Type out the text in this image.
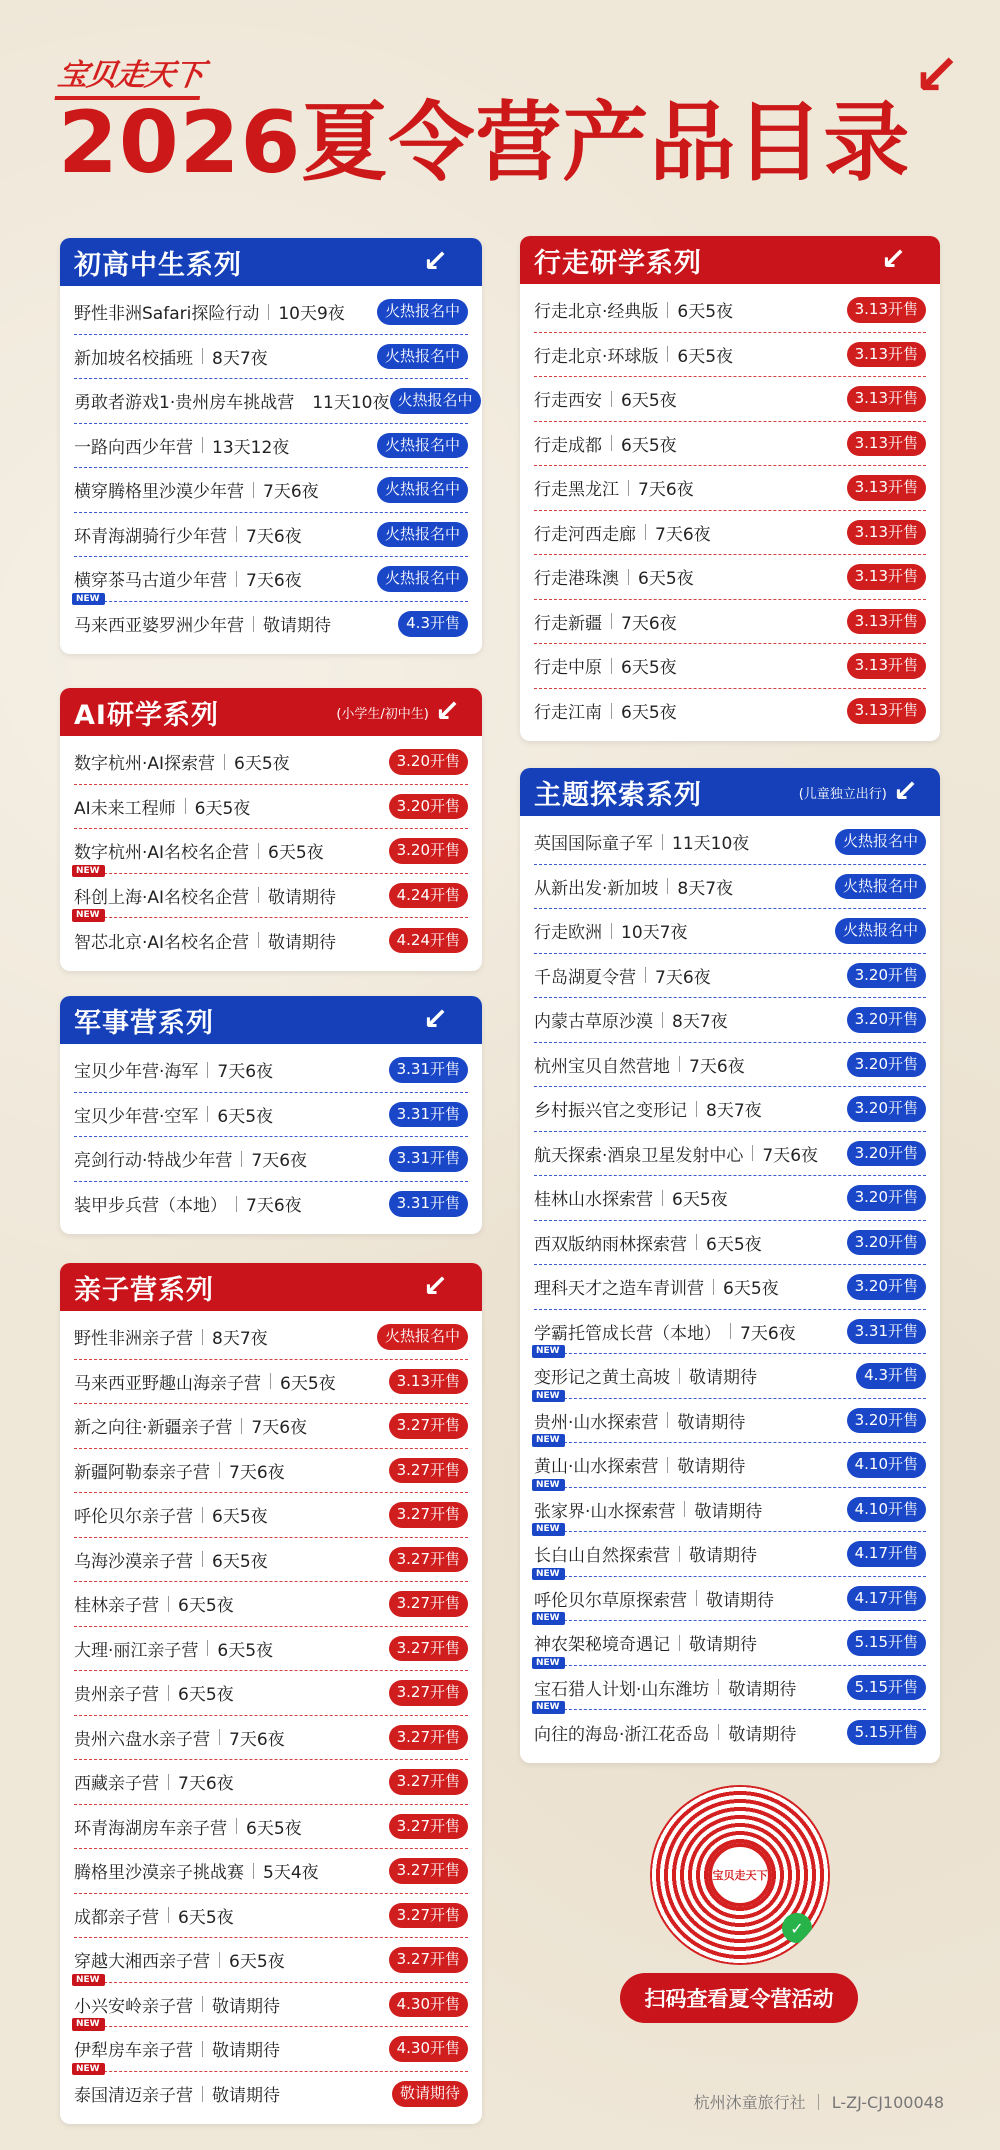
宝贝走天下	↙
2026夏令营产品目录
初高中生系列	↙
野性非洲Safari探险行动 10天9夜	火热报名中
新加坡名校插班 8天7夜	火热报名中
勇敢者游戏1·贵州房车挑战营 11天10夜 火热报名中
一路向西少年营 13天12夜	火热报名中
横穿腾格里沙漠少年营 7天6夜	火热报名中
环青海湖骑行少年营 7天6夜	火热报名中
横穿茶马古道少年营 7天6夜	火热报名中
NEW
马来西亚婆罗洲少年营 敬请期待	4.3开售
AI研学系列	(小学生/初中生) ↙
数字杭州·AI探索营 6天5夜	3.20开售
AI未来工程师 6天5夜	3.20开售
数字杭州·AI名校名企营 6天5夜	3.20开售
NEW
科创上海·AI名校名企营 敬请期待	4.24开售
NEW
智芯北京·AI名校名企营 敬请期待	4.24开售
军事营系列	↙
宝贝少年营·海军 7天6夜	3.31开售
宝贝少年营·空军 6天5夜	3.31开售
亮剑行动·特战少年营 7天6夜	3.31开售
装甲步兵营（本地） 7天6夜	3.31开售
亲子营系列	↙
野性非洲亲子营 8天7夜	火热报名中
马来西亚野趣山海亲子营 6天5夜	3.13开售
新之向往·新疆亲子营 7天6夜	3.27开售
新疆阿勒泰亲子营 7天6夜	3.27开售
呼伦贝尔亲子营 6天5夜	3.27开售
乌海沙漠亲子营 6天5夜	3.27开售
桂林亲子营 6天5夜	3.27开售
大理·丽江亲子营 6天5夜	3.27开售
贵州亲子营 6天5夜	3.27开售
贵州六盘水亲子营 7天6夜	3.27开售
西藏亲子营 7天6夜	3.27开售
环青海湖房车亲子营 6天5夜	3.27开售
腾格里沙漠亲子挑战赛 5天4夜	3.27开售
成都亲子营 6天5夜	3.27开售
穿越大湘西亲子营 6天5夜	3.27开售
NEW
小兴安岭亲子营 敬请期待	4.30开售
NEW
伊犁房车亲子营 敬请期待	4.30开售
NEW
泰国清迈亲子营 敬请期待	敬请期待
行走研学系列	↙
行走北京·经典版 6天5夜	3.13开售
行走北京·环球版 6天5夜	3.13开售
行走西安 6天5夜	3.13开售
行走成都 6天5夜	3.13开售
行走黑龙江 7天6夜	3.13开售
行走河西走廊 7天6夜	3.13开售
行走港珠澳 6天5夜	3.13开售
行走新疆 7天6夜	3.13开售
行走中原 6天5夜	3.13开售
行走江南 6天5夜	3.13开售
主题探索系列	(儿童独立出行) ↙
英国国际童子军 11天10夜	火热报名中
从新出发·新加坡 8天7夜	火热报名中
行走欧洲 10天7夜	火热报名中
千岛湖夏令营 7天6夜	3.20开售
内蒙古草原沙漠 8天7夜	3.20开售
杭州宝贝自然营地 7天6夜	3.20开售
乡村振兴官之变形记 8天7夜	3.20开售
航天探索·酒泉卫星发射中心 7天6夜	3.20开售
桂林山水探索营 6天5夜	3.20开售
西双版纳雨林探索营 6天5夜	3.20开售
理科天才之造车青训营 6天5夜	3.20开售
学霸托管成长营（本地） 7天6夜	3.31开售
NEW
变形记之黄土高坡 敬请期待	4.3开售
NEW
贵州·山水探索营 敬请期待	3.20开售
NEW
黄山·山水探索营 敬请期待	4.10开售
NEW
张家界·山水探索营 敬请期待	4.10开售
NEW
长白山自然探索营 敬请期待	4.17开售
NEW
呼伦贝尔草原探索营 敬请期待	4.17开售
NEW
神农架秘境奇遇记 敬请期待	5.15开售
NEW
宝石猎人计划·山东潍坊 敬请期待	5.15开售
NEW
向往的海岛·浙江花岙岛 敬请期待	5.15开售
宝贝走天下
✓
扫码查看夏令营活动
杭州沐童旅行社 ｜ L-ZJ-CJ100048
